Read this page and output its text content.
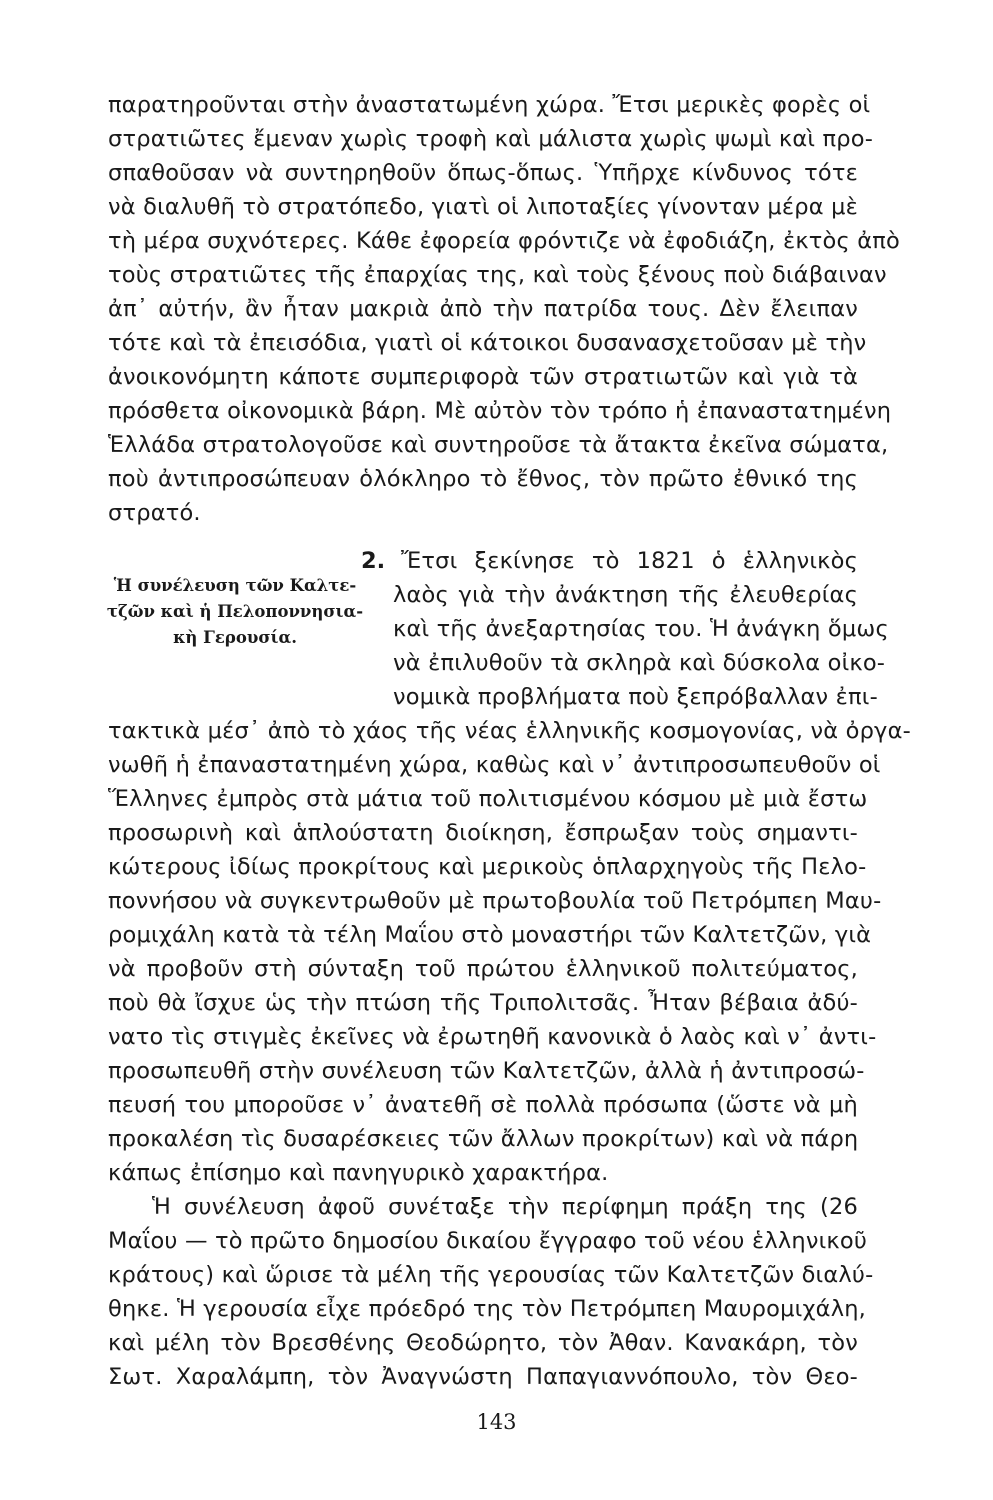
παρατηροῦνται στὴν ἀναστατωμένη χώρα. Ἔτσι μερικὲς φορὲς οἱ
στρατιῶτες ἔμεναν χωρὶς τροφὴ καὶ μάλιστα χωρὶς ψωμὶ καὶ προ-
σπαθοῦσαν νὰ συντηρηθοῦν ὅπως-ὅπως. Ὑπῆρχε κίνδυνος τότε
νὰ διαλυθῆ τὸ στρατόπεδο, γιατὶ οἱ λιποταξίες γίνονταν μέρα μὲ
τὴ μέρα συχνότερες. Κάθε ἐφορεία φρόντιζε νὰ ἐφοδιάζη, ἐκτὸς ἀπὸ
τοὺς στρατιῶτες τῆς ἐπαρχίας της, καὶ τοὺς ξένους ποὺ διάβαιναν
ἀπ᾽ αὐτήν, ἂν ἦταν μακριὰ ἀπὸ τὴν πατρίδα τους. Δὲν ἔλειπαν
τότε καὶ τὰ ἐπεισόδια, γιατὶ οἱ κάτοικοι δυσανασχετοῦσαν μὲ τὴν
ἀνοικονόμητη κάποτε συμπεριφορὰ τῶν στρατιωτῶν καὶ γιὰ τὰ
πρόσθετα οἰκονομικὰ βάρη. Μὲ αὐτὸν τὸν τρόπο ἡ ἐπαναστατημένη
Ἑλλάδα στρατολογοῦσε καὶ συντηροῦσε τὰ ἄτακτα ἐκεῖνα σώματα,
ποὺ ἀντιπροσώπευαν ὁλόκληρο τὸ ἔθνος, τὸν πρῶτο ἐθνικό της
στρατό.
Ἡ συνέλευση τῶν Καλτε-
τζῶν καὶ ἡ Πελοποννησια-
κὴ Γερουσία.
2. Ἔτσι ξεκίνησε τὸ 1821 ὁ ἑλληνικὸς
λαὸς γιὰ τὴν ἀνάκτηση τῆς ἐλευθερίας
καὶ τῆς ἀνεξαρτησίας του. Ἡ ἀνάγκη ὅμως
νὰ ἐπιλυθοῦν τὰ σκληρὰ καὶ δύσκολα οἰκο-
νομικὰ προβλήματα ποὺ ξεπρόβαλλαν ἐπι-
τακτικὰ μέσ᾽ ἀπὸ τὸ χάος τῆς νέας ἑλληνικῆς κοσμογονίας, νὰ ὀργα-
νωθῆ ἡ ἐπαναστατημένη χώρα, καθὼς καὶ ν᾽ ἀντιπροσωπευθοῦν οἱ
Ἕλληνες ἐμπρὸς στὰ μάτια τοῦ πολιτισμένου κόσμου μὲ μιὰ ἔστω
προσωρινὴ καὶ ἁπλούστατη διοίκηση, ἔσπρωξαν τοὺς σημαντι-
κώτερους ἰδίως προκρίτους καὶ μερικοὺς ὁπλαρχηγοὺς τῆς Πελο-
ποννήσου νὰ συγκεντρωθοῦν μὲ πρωτοβουλία τοῦ Πετρόμπεη Μαυ-
ρομιχάλη κατὰ τὰ τέλη Μαΐου στὸ μοναστήρι τῶν Καλτετζῶν, γιὰ
νὰ προβοῦν στὴ σύνταξη τοῦ πρώτου ἑλληνικοῦ πολιτεύματος,
ποὺ θὰ ἴσχυε ὡς τὴν πτώση τῆς Τριπολιτσᾶς. Ἦταν βέβαια ἀδύ-
νατο τὶς στιγμὲς ἐκεῖνες νὰ ἐρωτηθῆ κανονικὰ ὁ λαὸς καὶ ν᾽ ἀντι-
προσωπευθῆ στὴν συνέλευση τῶν Καλτετζῶν, ἀλλὰ ἡ ἀντιπροσώ-
πευσή του μποροῦσε ν᾽ ἀνατεθῆ σὲ πολλὰ πρόσωπα (ὥστε νὰ μὴ
προκαλέση τὶς δυσαρέσκειες τῶν ἄλλων προκρίτων) καὶ νὰ πάρη
κάπως ἐπίσημο καὶ πανηγυρικὸ χαρακτήρα.
Ἡ συνέλευση ἀφοῦ συνέταξε τὴν περίφημη πράξη της (26
Μαΐου — τὸ πρῶτο δημοσίου δικαίου ἔγγραφο τοῦ νέου ἑλληνικοῦ
κράτους) καὶ ὥρισε τὰ μέλη τῆς γερουσίας τῶν Καλτετζῶν διαλύ-
θηκε. Ἡ γερουσία εἶχε πρόεδρό της τὸν Πετρόμπεη Μαυρομιχάλη,
καὶ μέλη τὸν Βρεσθένης Θεοδώρητο, τὸν Ἀθαν. Κανακάρη, τὸν
Σωτ. Χαραλάμπη, τὸν Ἀναγνώστη Παπαγιαννόπουλο, τὸν Θεο-
143
